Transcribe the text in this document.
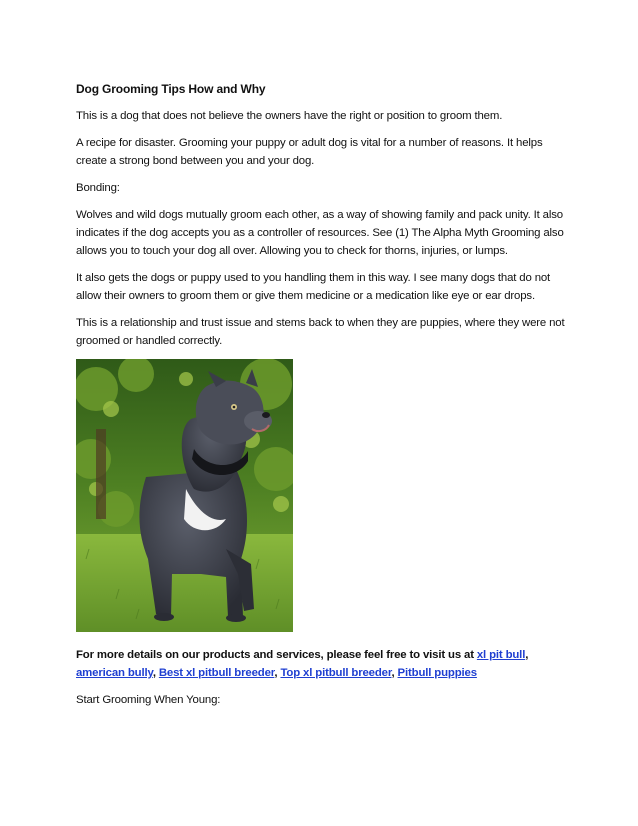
Dog Grooming Tips How and Why

This is a dog that does not believe the owners have the right or position to groom them.

A recipe for disaster. Grooming your puppy or adult dog is vital for a number of reasons. It helps create a strong bond between you and your dog.

Bonding:

Wolves and wild dogs mutually groom each other, as a way of showing family and pack unity. It also indicates if the dog accepts you as a controller of resources. See (1) The Alpha Myth Grooming also allows you to touch your dog all over. Allowing you to check for thorns, injuries, or lumps.

It also gets the dogs or puppy used to you handling them in this way. I see many dogs that do not allow their owners to groom them or give them medicine or a medication like eye or ear drops.

This is a relationship and trust issue and stems back to when they are puppies, where they were not groomed or handled correctly.

For more details on our products and services, please feel free to visit us at xl pit bull, american bully, Best xl pitbull breeder, Top xl pitbull breeder, Pitbull puppies

Start Grooming When Young:
